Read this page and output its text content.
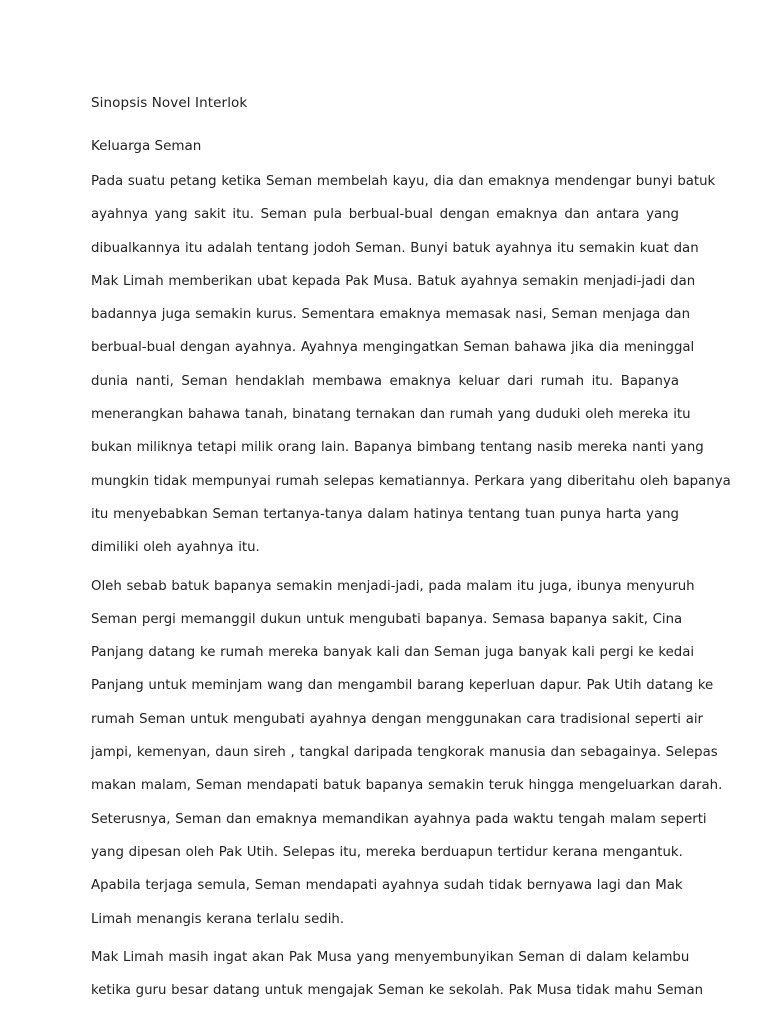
Sinopsis Novel Interlok
Keluarga Seman
Pada suatu petang ketika Seman membelah kayu, dia dan emaknya mendengar bunyi batuk
ayahnya yang sakit itu. Seman pula berbual-bual dengan emaknya dan antara yang
dibualkannya itu adalah tentang jodoh Seman. Bunyi batuk ayahnya itu semakin kuat dan
Mak Limah memberikan ubat kepada Pak Musa. Batuk ayahnya semakin menjadi-jadi dan
badannya juga semakin kurus. Sementara emaknya memasak nasi, Seman menjaga dan
berbual-bual dengan ayahnya. Ayahnya mengingatkan Seman bahawa jika dia meninggal
dunia nanti, Seman hendaklah membawa emaknya keluar dari rumah itu. Bapanya
menerangkan bahawa tanah, binatang ternakan dan rumah yang duduki oleh mereka itu
bukan miliknya tetapi milik orang lain. Bapanya bimbang tentang nasib mereka nanti yang
mungkin tidak mempunyai rumah selepas kematiannya. Perkara yang diberitahu oleh bapanya
itu menyebabkan Seman tertanya-tanya dalam hatinya tentang tuan punya harta yang
dimiliki oleh ayahnya itu.
Oleh sebab batuk bapanya semakin menjadi-jadi, pada malam itu juga, ibunya menyuruh
Seman pergi memanggil dukun untuk mengubati bapanya. Semasa bapanya sakit, Cina
Panjang datang ke rumah mereka banyak kali dan Seman juga banyak kali pergi ke kedai
Panjang untuk meminjam wang dan mengambil barang keperluan dapur. Pak Utih datang ke
rumah Seman untuk mengubati ayahnya dengan menggunakan cara tradisional seperti air
jampi, kemenyan, daun sireh , tangkal daripada tengkorak manusia dan sebagainya. Selepas
makan malam, Seman mendapati batuk bapanya semakin teruk hingga mengeluarkan darah.
Seterusnya, Seman dan emaknya memandikan ayahnya pada waktu tengah malam seperti
yang dipesan oleh Pak Utih. Selepas itu, mereka berduapun tertidur kerana mengantuk.
Apabila terjaga semula, Seman mendapati ayahnya sudah tidak bernyawa lagi dan Mak
Limah menangis kerana terlalu sedih.
Mak Limah masih ingat akan Pak Musa yang menyembunyikan Seman di dalam kelambu
ketika guru besar datang untuk mengajak Seman ke sekolah. Pak Musa tidak mahu Seman
